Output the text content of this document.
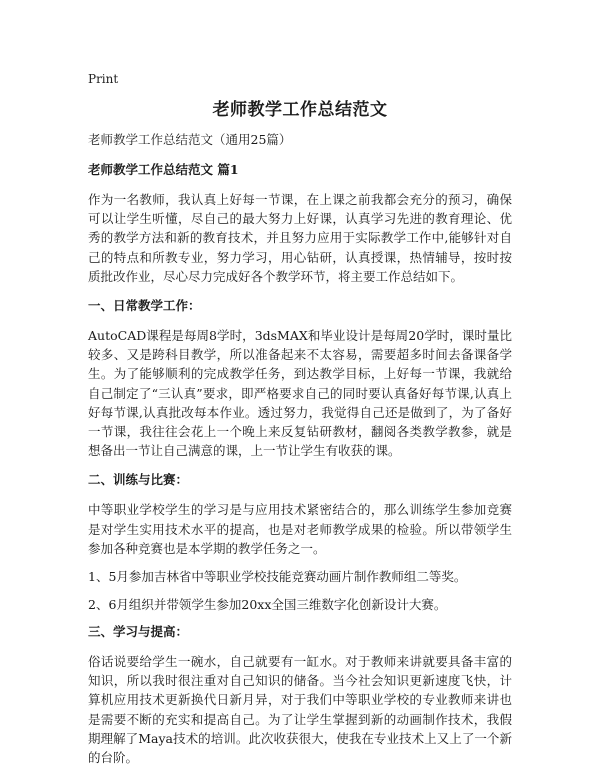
Print
老师教学工作总结范文
老师教学工作总结范文（通用25篇）
老师教学工作总结范文 篇1

作为一名教师，我认真上好每一节课，在上课之前我都会充分的预习，确保可以让学生听懂，尽自己的最大努力上好课，认真学习先进的教育理论、优秀的教学方法和新的教育技术，并且努力应用于实际教学工作中,能够针对自己的特点和所教专业，努力学习，用心钻研，认真授课，热情辅导，按时按质批改作业，尽心尽力完成好各个教学环节，将主要工作总结如下。

一、日常教学工作：

AutoCAD课程是每周8学时，3dsMAX和毕业设计是每周20学时，课时量比较多、又是跨科目教学，所以准备起来不太容易，需要超多时间去备课备学生。为了能够顺利的完成教学任务，到达教学目标，上好每一节课，我就给自己制定了“三认真”要求，即严格要求自己的同时要认真备好每节课,认真上好每节课,认真批改每本作业。透过努力，我觉得自己还是做到了，为了备好一节课，我往往会花上一个晚上来反复钻研教材，翻阅各类教学教参，就是想备出一节让自己满意的课，上一节让学生有收获的课。

二、训练与比赛：

中等职业学校学生的学习是与应用技术紧密结合的，那么训练学生参加竞赛是对学生实用技术水平的提高，也是对老师教学成果的检验。所以带领学生参加各种竞赛也是本学期的教学任务之一。

1、5月参加吉林省中等职业学校技能竞赛动画片制作教师组二等奖。
2、6月组织并带领学生参加20xx全国三维数字化创新设计大赛。
三、学习与提高：

俗话说要给学生一碗水，自己就要有一缸水。对于教师来讲就要具备丰富的知识，所以我时很注重对自己知识的储备。当今社会知识更新速度飞快，计算机应用技术更新换代日新月异，对于我们中等职业学校的专业教师来讲也是需要不断的充实和提高自己。为了让学生掌握到新的动画制作技术，我假期理解了Maya技术的培训。此次收获很大，使我在专业技术上又上了一个新的台阶。
